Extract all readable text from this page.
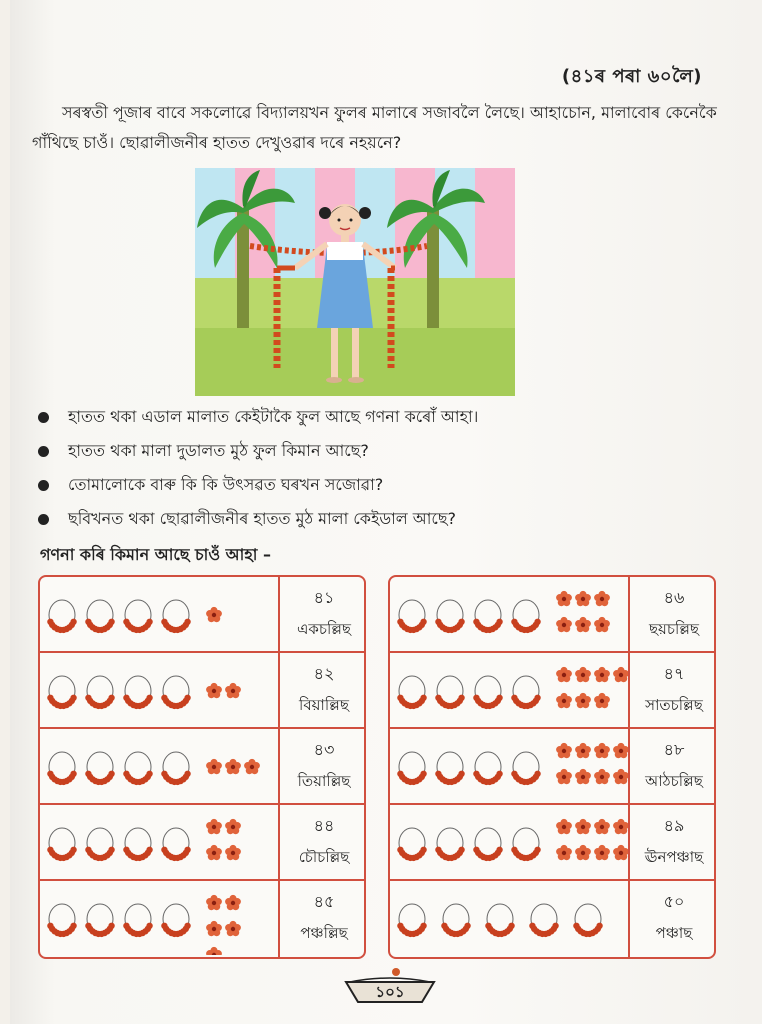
(৪১ৰ পৰা ৬০লৈ)

সৰস্বতী পূজাৰ বাবে সকলোৱে বিদ্যালয়খন ফুলৰ মালাৰে সজাবলৈ লৈছে। আহাচোন, মালাবোৰ কেনেকৈ গাঁথিছে চাওঁ। ছোৱালীজনীৰ হাতত দেখুওৱাৰ দৰে নহয়নে?

হাতত থকা এডাল মালাত কেইটাকৈ ফুল আছে গণনা কৰোঁ আহা।
হাতত থকা মালা দুডালত মুঠ ফুল কিমান আছে?
তোমালোকে বাৰু কি কি উৎসৱত ঘৰখন সজোৱা?
ছবিখনত থকা ছোৱালীজনীৰ হাতত মুঠ মালা কেইডাল আছে?
গণনা কৰি কিমান আছে চাওঁ আহা –
৪১
একচল্লিছ
৪২
বিয়াল্লিছ
৪৩
তিয়াল্লিছ
৪৪
চৌচল্লিছ
৪৫
পঞ্চল্লিছ
৪৬
ছয়চল্লিছ
৪৭
সাতচল্লিছ
৪৮
আঠচল্লিছ
৪৯
ঊনপঞ্চাছ
৫০
পঞ্চাছ
১০১
